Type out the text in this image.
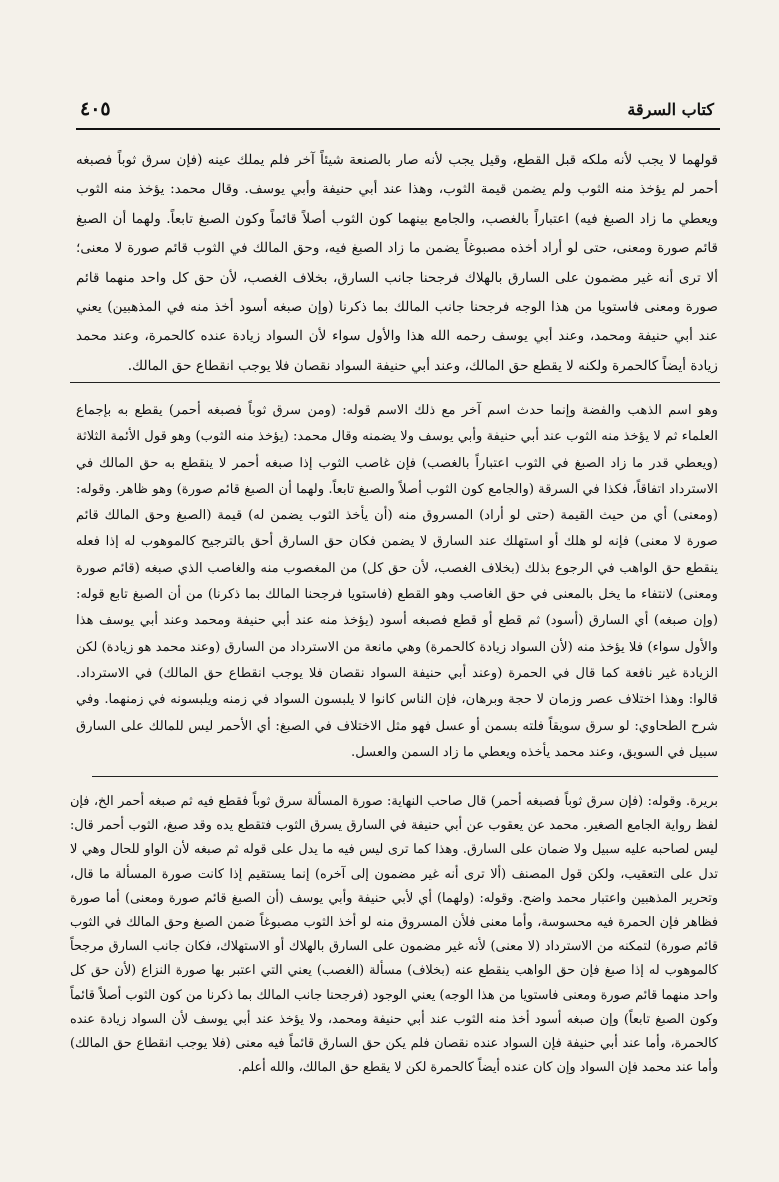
٤٠٥	كتاب السرقة

قولهما لا يجب لأنه ملكه قبل القطع، وقيل يجب لأنه صار بالصنعة شيئاً آخر فلم يملك عينه (فإن سرق ثوباً فصبغه أحمر لم يؤخذ منه الثوب ولم يضمن قيمة الثوب، وهذا عند أبي حنيفة وأبي يوسف. وقال محمد: يؤخذ منه الثوب ويعطي ما زاد الصبغ فيه) اعتباراً بالغصب، والجامع بينهما كون الثوب أصلاً قائماً وكون الصبغ تابعاً. ولهما أن الصبغ قائم صورة ومعنى، حتى لو أراد أخذه مصبوغاً يضمن ما زاد الصبغ فيه، وحق المالك في الثوب قائم صورة لا معنى؛ ألا ترى أنه غير مضمون على السارق بالهلاك فرجحنا جانب السارق، بخلاف الغصب، لأن حق كل واحد منهما قائم صورة ومعنى فاستويا من هذا الوجه فرجحنا جانب المالك بما ذكرنا (وإن صبغه أسود أخذ منه في المذهبين) يعني عند أبي حنيفة ومحمد، وعند أبي يوسف رحمه الله هذا والأول سواء لأن السواد زيادة عنده كالحمرة، وعند محمد زيادة أيضاً كالحمرة ولكنه لا يقطع حق المالك، وعند أبي حنيفة السواد نقصان فلا يوجب انقطاع حق المالك.

وهو اسم الذهب والفضة وإنما حدث اسم آخر مع ذلك الاسم قوله: (ومن سرق ثوباً فصبغه أحمر) يقطع به بإجماع العلماء ثم لا يؤخذ منه الثوب عند أبي حنيفة وأبي يوسف ولا يضمنه وقال محمد: (يؤخذ منه الثوب) وهو قول الأئمة الثلاثة (ويعطي قدر ما زاد الصبغ في الثوب اعتباراً بالغصب) فإن غاصب الثوب إذا صبغه أحمر لا ينقطع به حق المالك في الاسترداد اتفاقاً، فكذا في السرقة (والجامع كون الثوب أصلاً والصبغ تابعاً. ولهما أن الصبغ قائم صورة) وهو ظاهر. وقوله: (ومعنى) أي من حيث القيمة (حتى لو أراد) المسروق منه (أن يأخذ الثوب يضمن له) قيمة (الصبغ وحق المالك قائم صورة لا معنى) فإنه لو هلك أو استهلك عند السارق لا يضمن فكان حق السارق أحق بالترجيح كالموهوب له إذا فعله ينقطع حق الواهب في الرجوع بذلك (بخلاف الغصب، لأن حق كل) من المغصوب منه والغاصب الذي صبغه (قائم صورة ومعنى) لانتفاء ما يخل بالمعنى في حق الغاصب وهو القطع (فاستويا فرجحنا المالك بما ذكرنا) من أن الصبغ تابع قوله: (وإن صبغه) أي السارق (أسود) ثم قطع أو قطع فصبغه أسود (يؤخذ منه عند أبي حنيفة ومحمد وعند أبي يوسف هذا والأول سواء) فلا يؤخذ منه (لأن السواد زيادة كالحمرة) وهي مانعة من الاسترداد من السارق (وعند محمد هو زيادة) لكن الزيادة غير نافعة كما قال في الحمرة (وعند أبي حنيفة السواد نقصان فلا يوجب انقطاع حق المالك) في الاسترداد. قالوا: وهذا اختلاف عصر وزمان لا حجة وبرهان، فإن الناس كانوا لا يلبسون السواد في زمنه ويلبسونه في زمنهما. وفي شرح الطحاوي: لو سرق سويقاً فلته بسمن أو عسل فهو مثل الاختلاف في الصبغ: أي الأحمر ليس للمالك على السارق سبيل في السويق، وعند محمد يأخذه ويعطي ما زاد السمن والعسل.

بريرة. وقوله: (فإن سرق ثوباً فصبغه أحمر) قال صاحب النهاية: صورة المسألة سرق ثوباً فقطع فيه ثم صبغه أحمر الخ، فإن لفظ رواية الجامع الصغير. محمد عن يعقوب عن أبي حنيفة في السارق يسرق الثوب فتقطع يده وقد صبغ، الثوب أحمر قال: ليس لصاحبه عليه سبيل ولا ضمان على السارق. وهذا كما ترى ليس فيه ما يدل على قوله ثم صبغه لأن الواو للحال وهي لا تدل على التعقيب، ولكن قول المصنف (ألا ترى أنه غير مضمون إلى آخره) إنما يستقيم إذا كانت صورة المسألة ما قال، وتحرير المذهبين واعتبار محمد واضح. وقوله: (ولهما) أي لأبي حنيفة وأبي يوسف (أن الصبغ قائم صورة ومعنى) أما صورة فظاهر فإن الحمرة فيه محسوسة، وأما معنى فلأن المسروق منه لو أخذ الثوب مصبوغاً ضمن الصبغ وحق المالك في الثوب قائم صورة) لتمكنه من الاسترداد (لا معنى) لأنه غير مضمون على السارق بالهلاك أو الاستهلاك، فكان جانب السارق مرجحاً كالموهوب له إذا صبغ فإن حق الواهب ينقطع عنه (بخلاف) مسألة (الغصب) يعني التي اعتبر بها صورة النزاع (لأن حق كل واحد منهما قائم صورة ومعنى فاستويا من هذا الوجه) يعني الوجود (فرجحنا جانب المالك بما ذكرنا من كون الثوب أصلاً قائماً وكون الصبغ تابعاً) وإن صبغه أسود أخذ منه الثوب عند أبي حنيفة ومحمد، ولا يؤخذ عند أبي يوسف لأن السواد زيادة عنده كالحمرة، وأما عند أبي حنيفة فإن السواد عنده نقصان فلم يكن حق السارق قائماً فيه معنى (فلا يوجب انقطاع حق المالك) وأما عند محمد فإن السواد وإن كان عنده أيضاً كالحمرة لكن لا يقطع حق المالك، والله أعلم.
